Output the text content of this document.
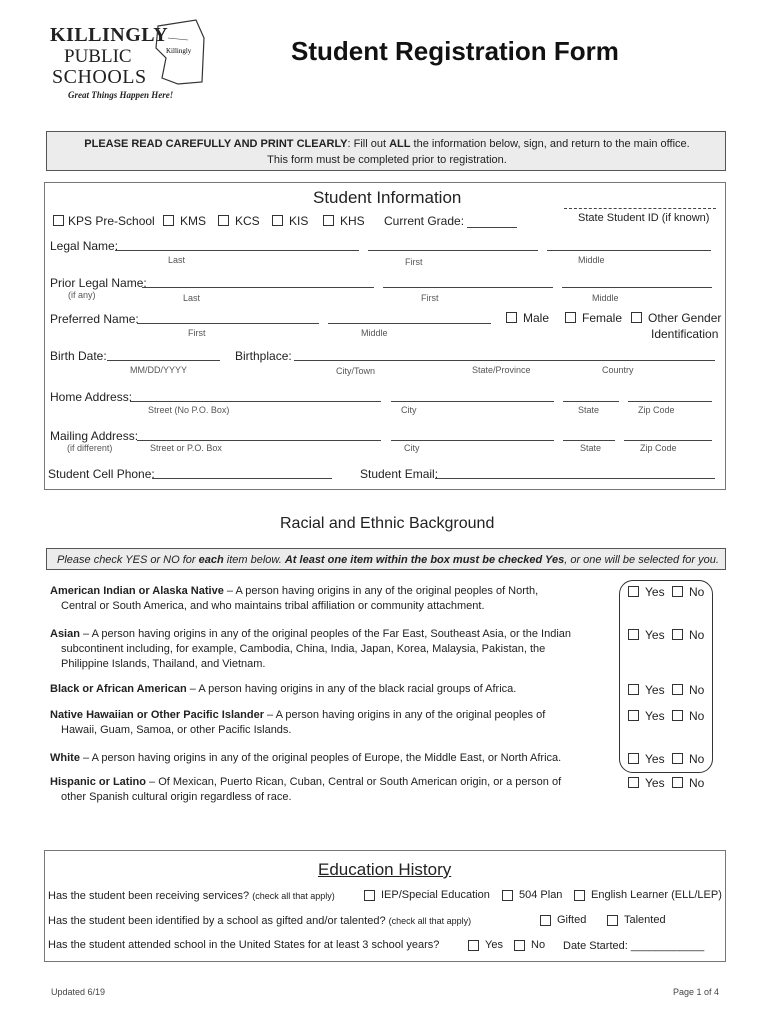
KILLINGLY
PUBLIC
SCHOOLS
Killingly
Great Things Happen Here!
Student Registration Form
PLEASE READ CAREFULLY AND PRINT CLEARLY: Fill out ALL the information below, sign, and return to the main office.
This form must be completed prior to registration.
Student Information
KPS Pre-School KMS KCS KIS	KHS Current Grade:	State Student ID (if known)
Legal Name:
Last	First	Middle
Prior Legal Name:
(if any)	Last	First	Middle
Preferred Name:
First	Middle
Male	Female Other Gender
Identification
Birth Date:
MM/DD/YYYY
Birthplace:
City/Town	State/Province	Country
Home Address:
Street (No P.O. Box)	City	State	Zip Code
Mailing Address:
(if different)	Street or P.O. Box	City	State	Zip Code
Student Cell Phone:	Student Email:
Racial and Ethnic Background
Please check YES or NO for each item below. At least one item within the box must be checked Yes, or one will be selected for you.
American Indian or Alaska Native – A person having origins in any of the original peoples of North,
Central or South America, and who maintains tribal affiliation or community attachment.
Yes No
Asian – A person having origins in any of the original peoples of the Far East, Southeast Asia, or the Indian
subcontinent including, for example, Cambodia, China, India, Japan, Korea, Malaysia, Pakistan, the
Philippine Islands, Thailand, and Vietnam.
Yes No
Black or African American – A person having origins in any of the black racial groups of Africa.	Yes No
Native Hawaiian or Other Pacific Islander – A person having origins in any of the original peoples of
Hawaii, Guam, Samoa, or other Pacific Islands.
Yes No
White – A person having origins in any of the original peoples of Europe, the Middle East, or North Africa.	Yes No
Hispanic or Latino – Of Mexican, Puerto Rican, Cuban, Central or South American origin, or a person of
other Spanish cultural origin regardless of race.
Yes No
Education History
Has the student been receiving services? (check all that apply)	IEP/Special Education	504 Plan	English Learner (ELL/LEP)
Has the student been identified by a school as gifted and/or talented? (check all that apply)	Gifted	Talented
Has the student attended school in the United States for at least 3 school years?	Yes	No Date Started: ____________
Updated 6/19	Page 1 of 4
